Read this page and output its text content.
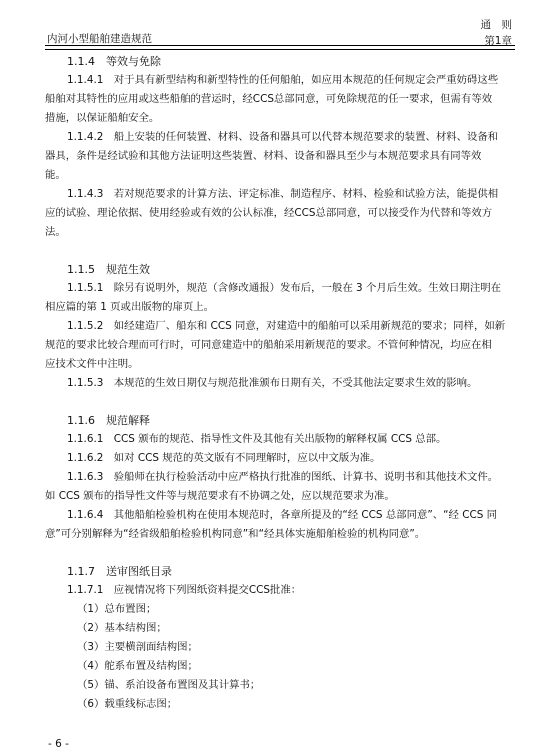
内河小型船舶建造规范
通　则
第1章
1.1.4　等效与免除
1.1.4.1　对于具有新型结构和新型特性的任何船舶，如应用本规范的任何规定会严重妨碍这些
船舶对其特性的应用或这些船舶的营运时，经CCS总部同意，可免除规范的任一要求，但需有等效
措施，以保证船舶安全。
1.1.4.2　船上安装的任何装置、材料、设备和器具可以代替本规范要求的装置、材料、设备和
器具，条件是经试验和其他方法证明这些装置、材料、设备和器具至少与本规范要求具有同等效
能。
1.1.4.3　若对规范要求的计算方法、评定标准、制造程序、材料、检验和试验方法，能提供相
应的试验、理论依据、使用经验或有效的公认标准，经CCS总部同意，可以接受作为代替和等效方
法。
1.1.5　规范生效
1.1.5.1　除另有说明外，规范（含修改通报）发布后，一般在 3 个月后生效。生效日期注明在
相应篇的第 1 页或出版物的扉页上。
1.1.5.2　如经建造厂、船东和 CCS 同意，对建造中的船舶可以采用新规范的要求；同样，如新
规范的要求比较合理而可行时，可同意建造中的船舶采用新规范的要求。不管何种情况，均应在相
应技术文件中注明。
1.1.5.3　本规范的生效日期仅与规范批准颁布日期有关，不受其他法定要求生效的影响。
1.1.6　规范解释
1.1.6.1　CCS 颁布的规范、指导性文件及其他有关出版物的解释权属 CCS 总部。
1.1.6.2　如对 CCS 规范的英文版有不同理解时，应以中文版为准。
1.1.6.3　验船师在执行检验活动中应严格执行批准的图纸、计算书、说明书和其他技术文件。
如 CCS 颁布的指导性文件等与规范要求有不协调之处，应以规范要求为准。
1.1.6.4　其他船舶检验机构在使用本规范时，各章所提及的“经 CCS 总部同意”、“经 CCS 同
意”可分别解释为“经省级船舶检验机构同意”和“经具体实施船舶检验的机构同意”。
1.1.7　送审图纸目录
1.1.7.1　应视情况将下列图纸资料提交CCS批准：
（1）总布置图；
（2）基本结构图；
（3）主要横剖面结构图；
（4）舵系布置及结构图；
（5）锚、系泊设备布置图及其计算书；
（6）载重线标志图；
- 6 -
